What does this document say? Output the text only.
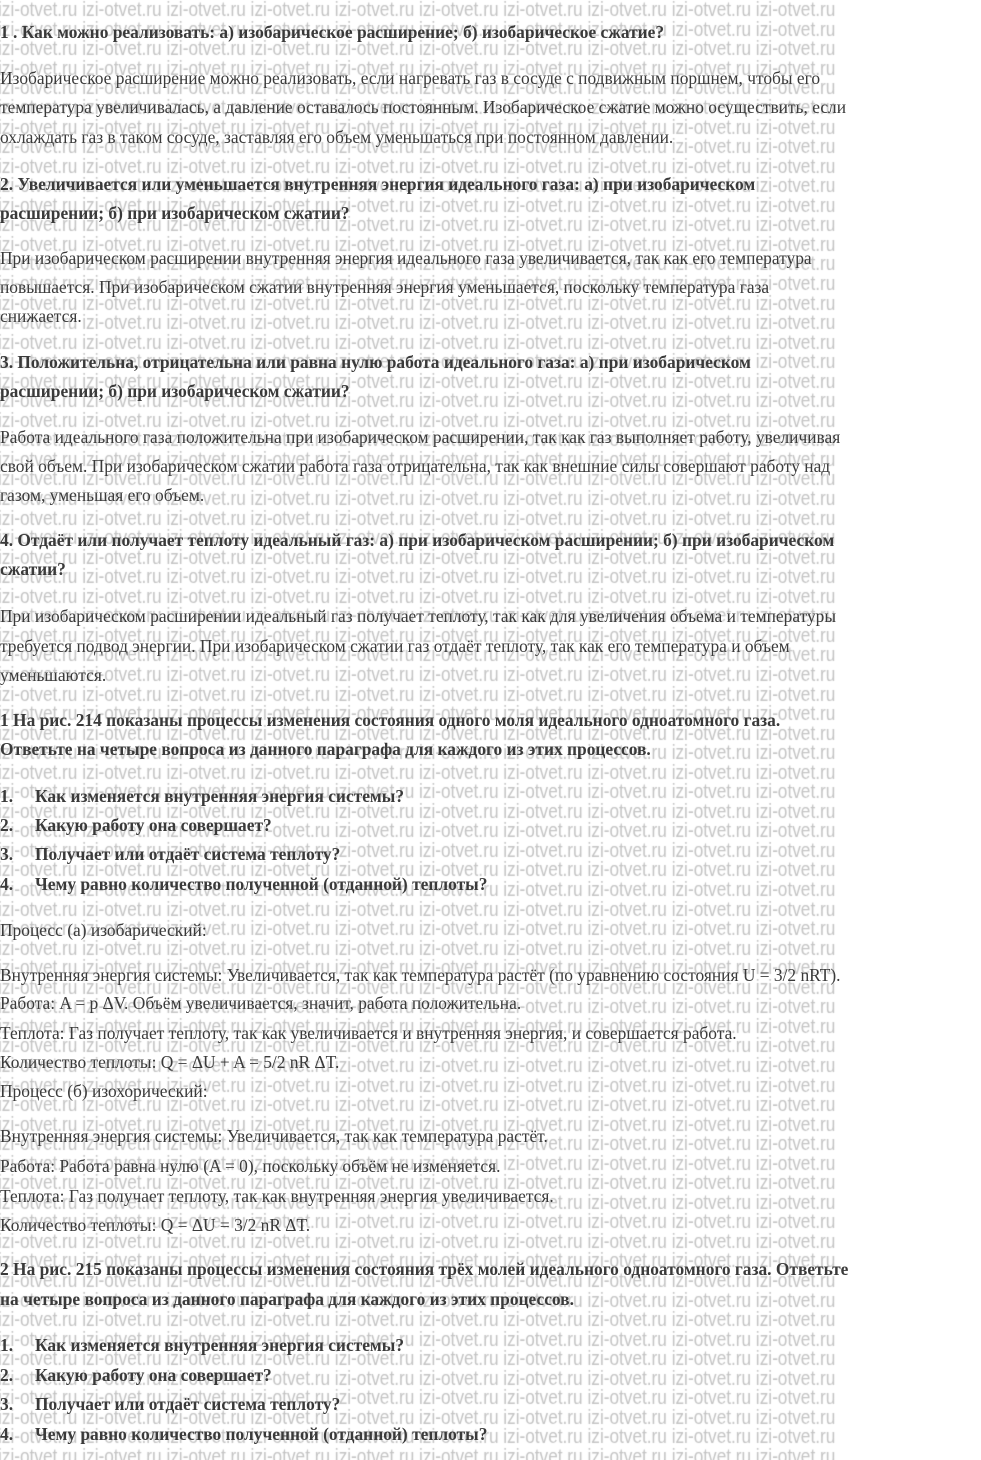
1 . Как можно реализовать: а) изобарическое расширение; б) изобарическое сжатие?
Изобарическое расширение можно реализовать, если нагревать газ в сосуде с подвижным поршнем, чтобы его
температура увеличивалась, а давление оставалось постоянным. Изобарическое сжатие можно осуществить, если
охлаждать газ в таком сосуде, заставляя его объем уменьшаться при постоянном давлении.
2. Увеличивается или уменьшается внутренняя энергия идеального газа: а) при изобарическом
расширении; б) при изобарическом сжатии?
При изобарическом расширении внутренняя энергия идеального газа увеличивается, так как его температура
повышается. При изобарическом сжатии внутренняя энергия уменьшается, поскольку температура газа
снижается.
3. Положительна, отрицательна или равна нулю работа идеального газа: а) при изобарическом
расширении; б) при изобарическом сжатии?
Работа идеального газа положительна при изобарическом расширении, так как газ выполняет работу, увеличивая
свой объем. При изобарическом сжатии работа газа отрицательна, так как внешние силы совершают работу над
газом, уменьшая его объем.
4. Отдаёт или получает теплоту идеальный газ: а) при изобарическом расширении; б) при изобарическом
сжатии?
При изобарическом расширении идеальный газ получает теплоту, так как для увеличения объема и температуры
требуется подвод энергии. При изобарическом сжатии газ отдаёт теплоту, так как его температура и объем
уменьшаются.
1 На рис. 214 показаны процессы изменения состояния одного моля идеального одноатомного газа.
Ответьте на четыре вопроса из данного параграфа для каждого из этих процессов.
1. Как изменяется внутренняя энергия системы?
2. Какую работу она совершает?
3. Получает или отдаёт система теплоту?
4. Чему равно количество полученной (отданной) теплоты?
Процесс (а) изобарический:
Внутренняя энергия системы: Увеличивается, так как температура растёт (по уравнению состояния U = 3/2 nRT).
Работа: A = p ΔV. Объём увеличивается, значит, работа положительна.
Теплота: Газ получает теплоту, так как увеличивается и внутренняя энергия, и совершается работа.
Количество теплоты: Q = ΔU + A = 5/2 nR ΔT.
Процесс (б) изохорический:
Внутренняя энергия системы: Увеличивается, так как температура растёт.
Работа: Работа равна нулю (A = 0), поскольку объём не изменяется.
Теплота: Газ получает теплоту, так как внутренняя энергия увеличивается.
Количество теплоты: Q = ΔU = 3/2 nR ΔT.
2 На рис. 215 показаны процессы изменения состояния трёх молей идеального одноатомного газа. Ответьте
на четыре вопроса из данного параграфа для каждого из этих процессов.
1. Как изменяется внутренняя энергия системы?
2. Какую работу она совершает?
3. Получает или отдаёт система теплоту?
4. Чему равно количество полученной (отданной) теплоты?
